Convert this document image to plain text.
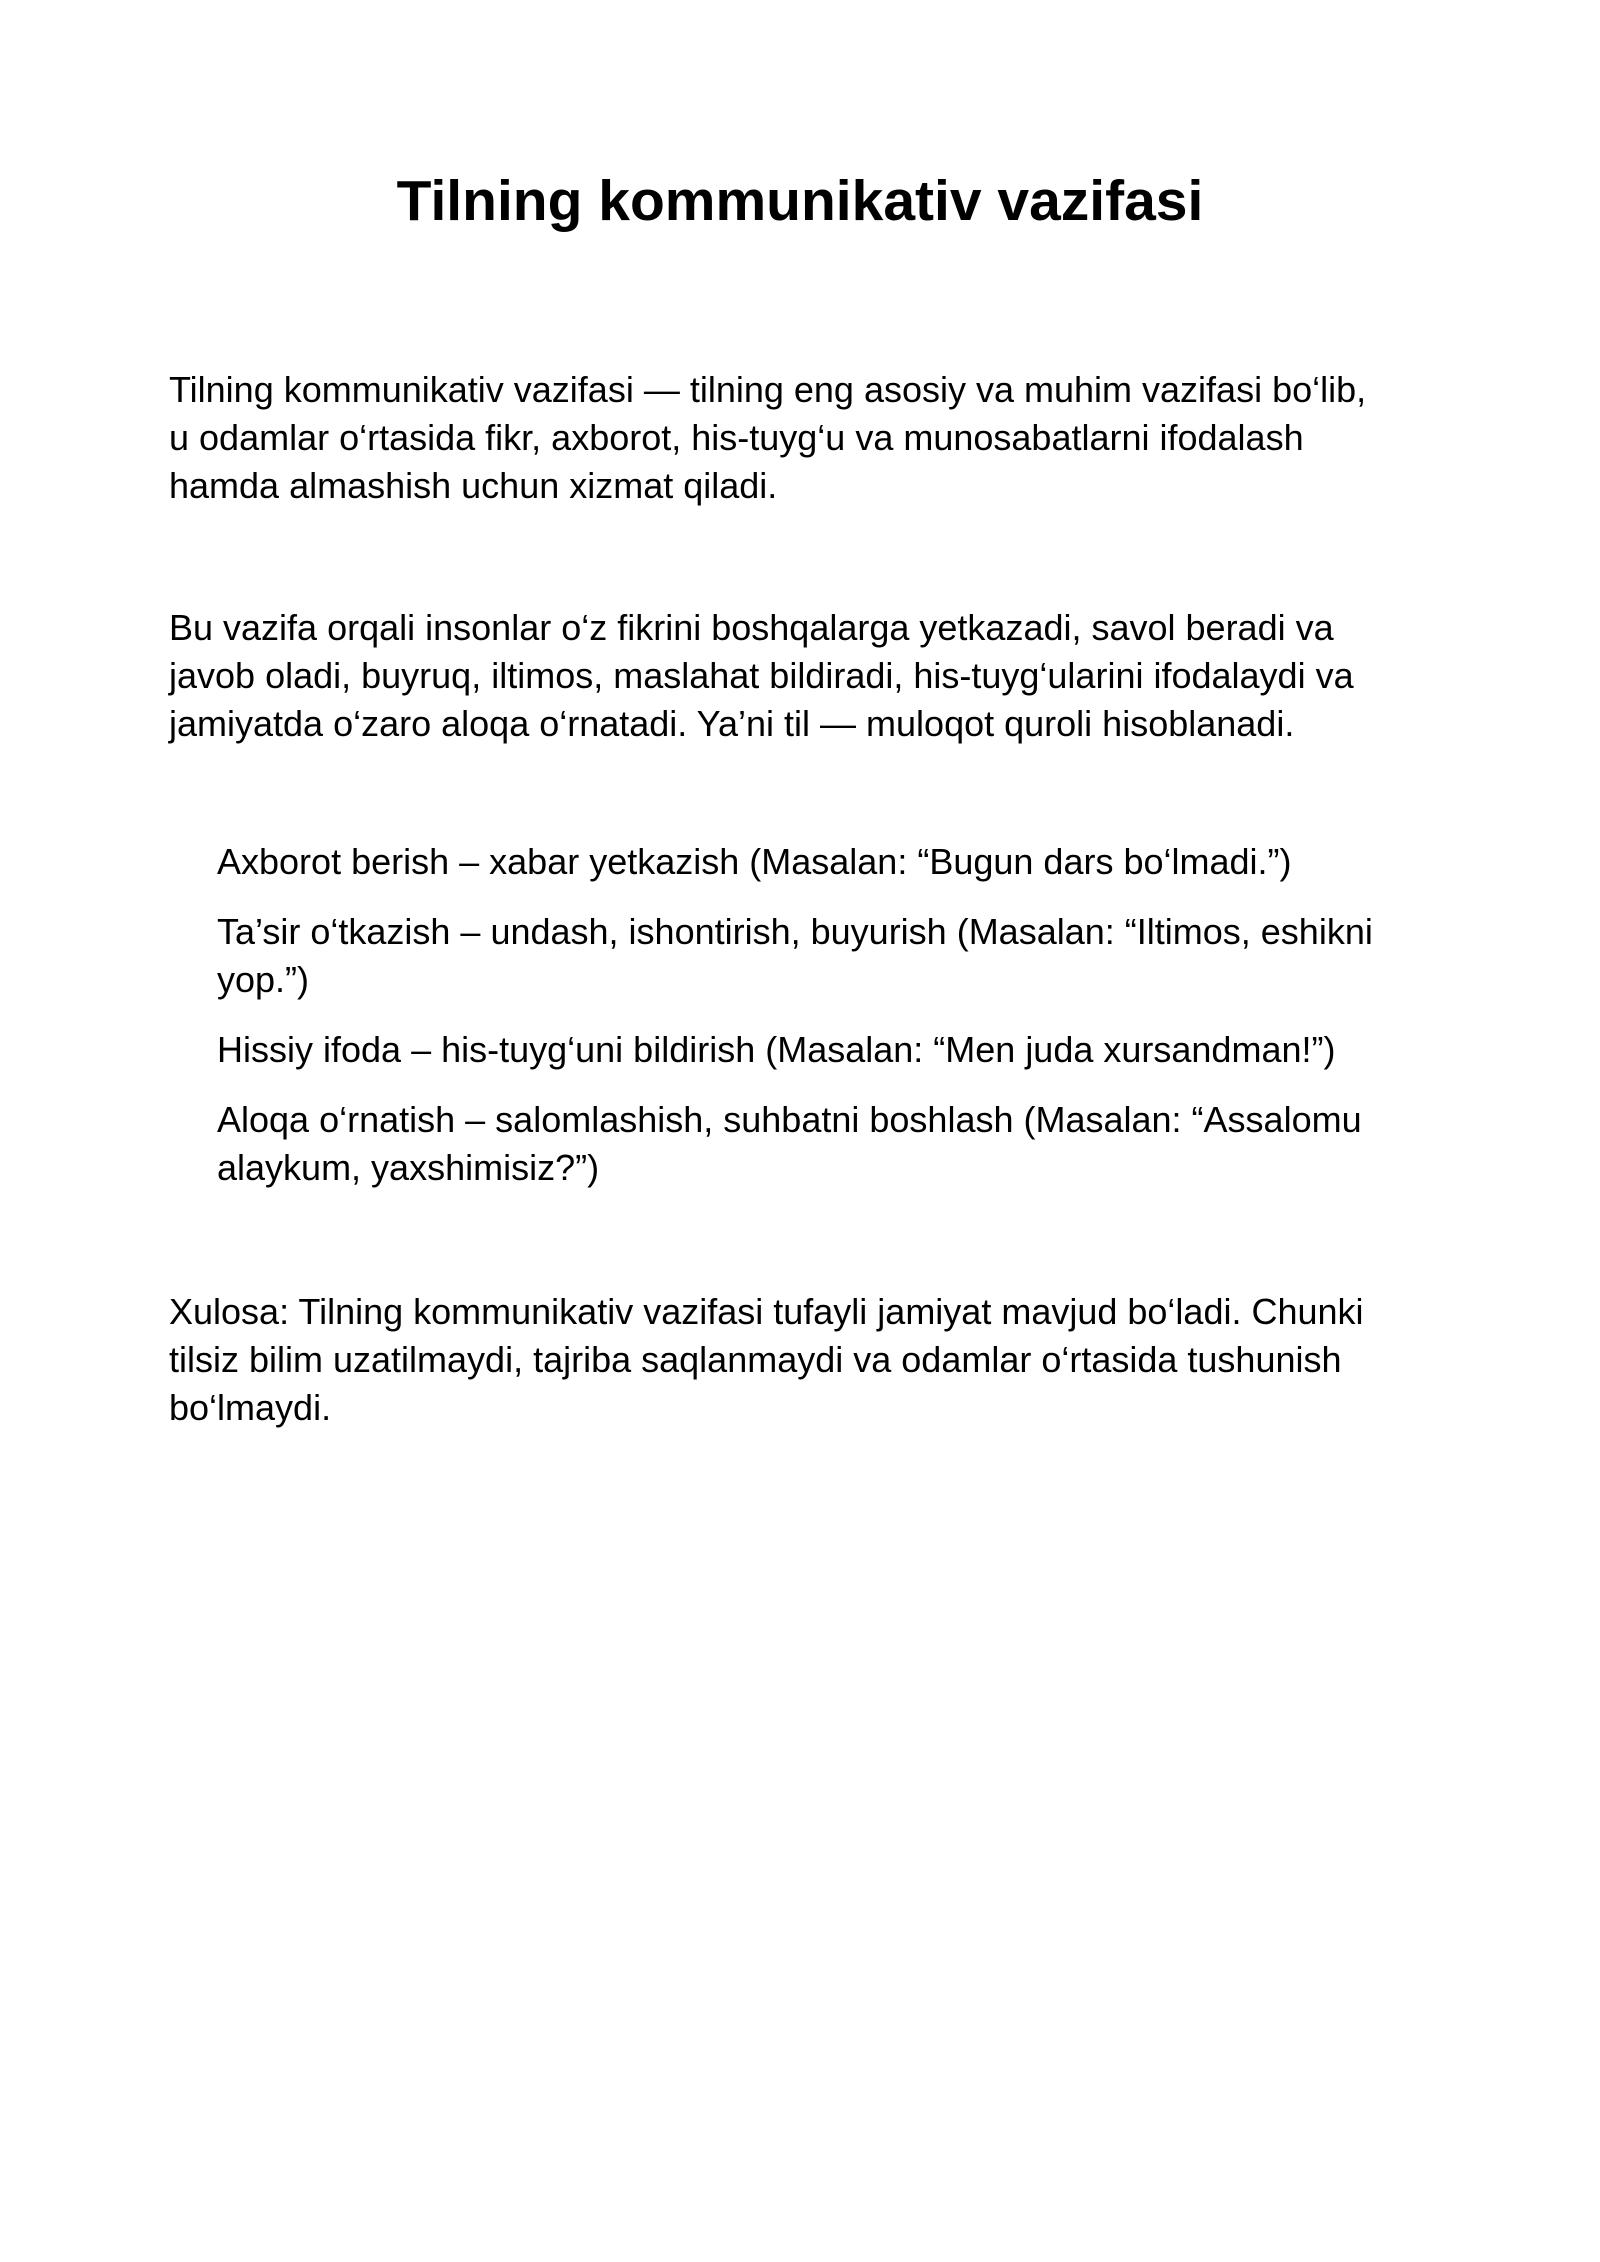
Tilning kommunikativ vazifasi

Tilning kommunikativ vazifasi — tilning eng asosiy va muhim vazifasi bo‘lib,
u odamlar o‘rtasida fikr, axborot, his-tuyg‘u va munosabatlarni ifodalash
hamda almashish uchun xizmat qiladi.

Bu vazifa orqali insonlar o‘z fikrini boshqalarga yetkazadi, savol beradi va
javob oladi, buyruq, iltimos, maslahat bildiradi, his-tuyg‘ularini ifodalaydi va
jamiyatda o‘zaro aloqa o‘rnatadi. Ya’ni til — muloqot quroli hisoblanadi.

Axborot berish – xabar yetkazish (Masalan: “Bugun dars bo‘lmadi.”)
Ta’sir o‘tkazish – undash, ishontirish, buyurish (Masalan: “Iltimos, eshikni
yop.”)
Hissiy ifoda – his-tuyg‘uni bildirish (Masalan: “Men juda xursandman!”)
Aloqa o‘rnatish – salomlashish, suhbatni boshlash (Masalan: “Assalomu
alaykum, yaxshimisiz?”)

Xulosa: Tilning kommunikativ vazifasi tufayli jamiyat mavjud bo‘ladi. Chunki
tilsiz bilim uzatilmaydi, tajriba saqlanmaydi va odamlar o‘rtasida tushunish
bo‘lmaydi.
